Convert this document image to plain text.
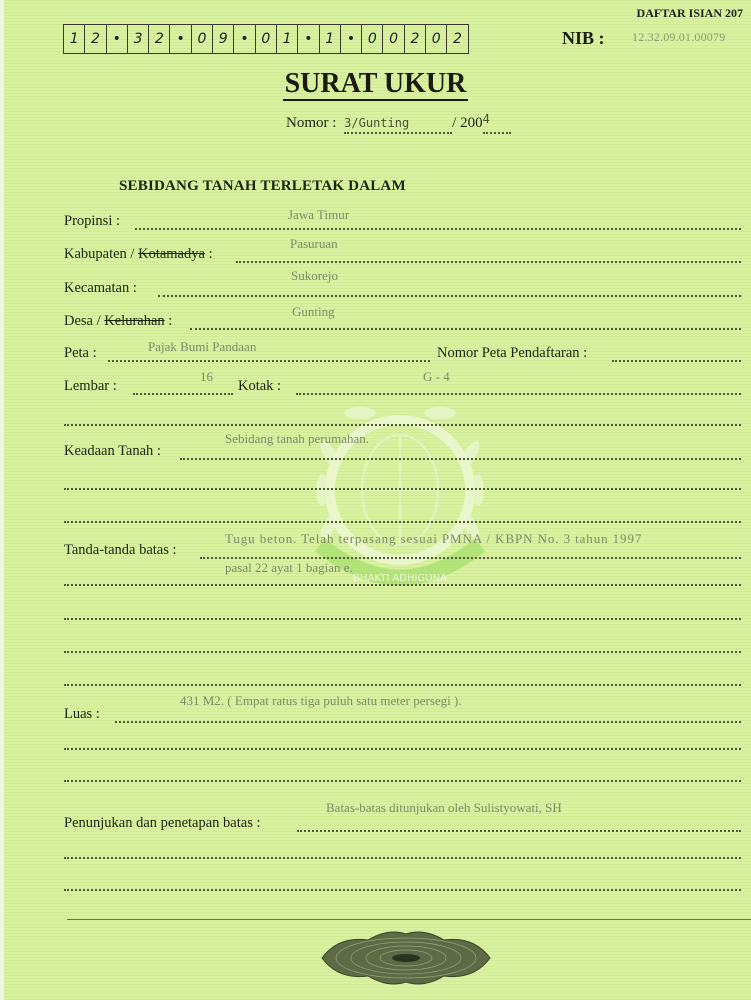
1 2 • 3 2 • 0 9 • 0 1 • 1 • 0 0 2 0 2
DAFTAR ISIAN 207
NIB : 12.32.09.01.00079
SURAT UKUR
Nomor : 3/Gunting	/ $200^4$
BHAKTI ADHIGUNA
SEBIDANG TANAH TERLETAK DALAM
Propinsi :	Jawa Timur
Kabupaten / Kotamadya :
Pasuruan
Kecamatan :
Sukorejo
Desa / Kelurahan :
Gunting
Peta :	Pajak Bumi Pandaan	Nomor Peta Pendaftaran :
Lembar :
16
Kotak :
G - 4
Keadaan Tanah :
Sebidang tanah perumahan.
Tanda-tanda batas :
Tugu beton. Telah terpasang sesuai PMNA / KBPN No. 3 tahun 1997
pasal 22 ayat 1 bagian e.
Luas :
431 M2. ( Empat ratus tiga puluh satu meter persegi ).
Penunjukan dan penetapan batas :
Batas-batas ditunjukan oleh Sulistyowati, SH
